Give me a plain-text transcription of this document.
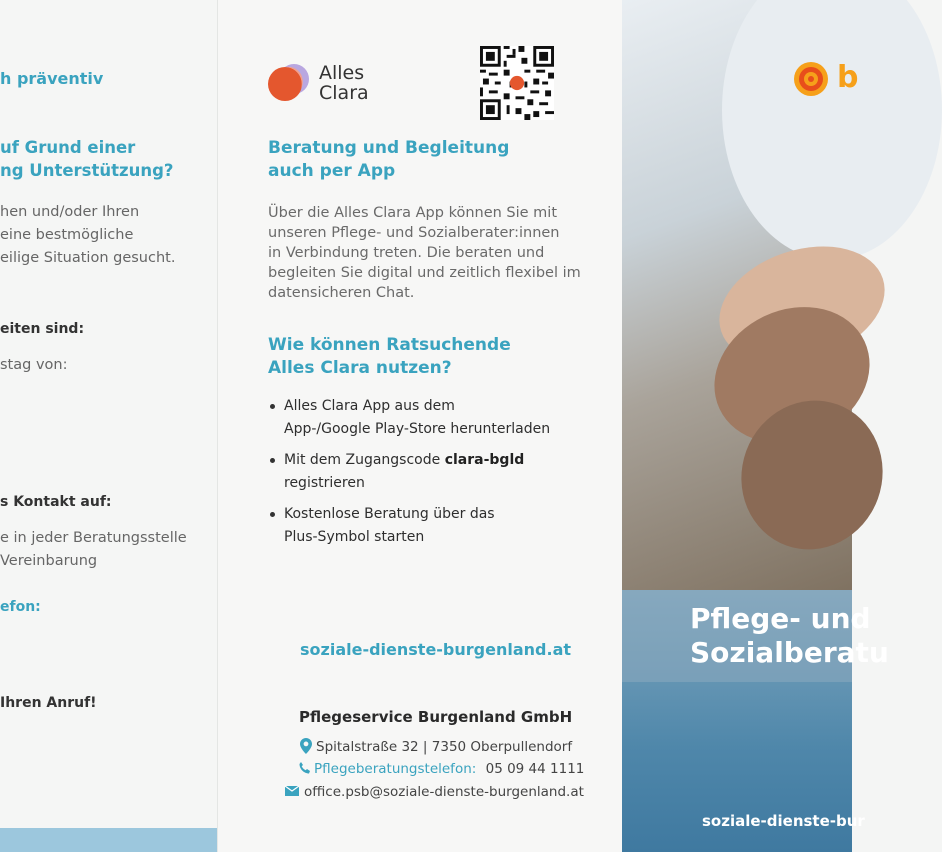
h präventiv
uf Grund einer
ng Unterstützung?
hen und/oder Ihren
eine bestmögliche
eilige Situation gesucht.
eiten sind:
stag von:
s Kontakt auf:
e in jeder Beratungsstelle
Vereinbarung
efon:
Ihren Anruf!
Alles
Clara
Beratung und Begleitung
auch per App
Über die Alles Clara App können Sie mit
unseren Pflege- und Sozialberater:innen
in Verbindung treten. Die beraten und
begleiten Sie digital und zeitlich flexibel im
datensicheren Chat.
Wie können Ratsuchende
Alles Clara nutzen?
Alles Clara App aus dem
App-/Google Play-Store herunterladen
Mit dem Zugangscode clara-bgld
registrieren
Kostenlose Beratung über das
Plus-Symbol starten
soziale-dienste-burgenland.at
Pflegeservice Burgenland GmbH
Spitalstraße 32 | 7350 Oberpullendorf
Pflegeberatungstelefon: 05 09 44 1111
office.psb@soziale-dienste-burgenland.at
b
Pflege- und
Sozialberatu
soziale-dienste-bur
